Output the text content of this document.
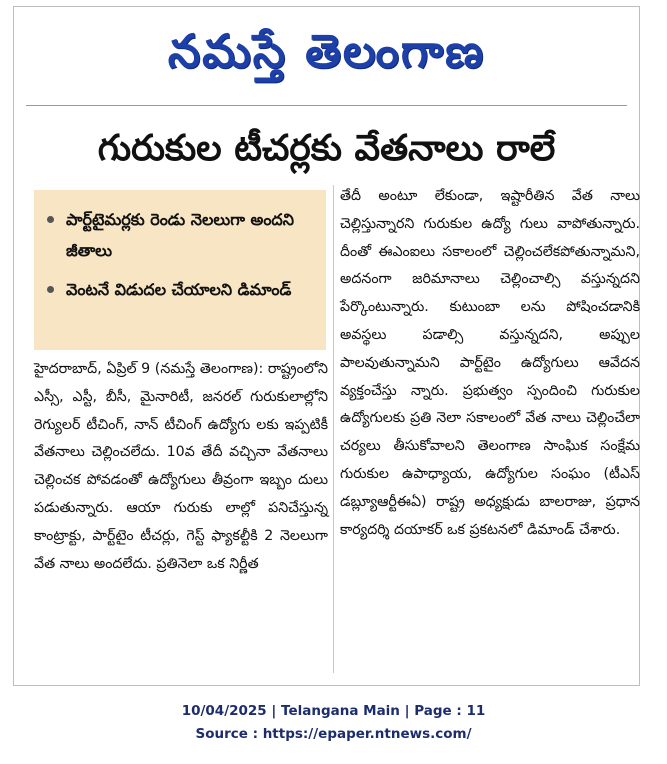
నమస్తే తెలంగాణ
గురుకుల టీచర్లకు వేతనాలు రాలే
పార్ట్‌టైమర్లకు రెండు నెలలుగా అందని జీతాలు
వెంటనే విడుదల చేయాలని డిమాండ్
హైదరాబాద్, ఏప్రిల్ 9 (నమస్తే తెలంగాణ): రాష్ట్రంలోని ఎస్సీ, ఎస్టీ, బీసీ, మైనారిటీ, జనరల్ గురుకులాల్లోని రెగ్యులర్ టీచింగ్, నాన్ టీచింగ్ ఉద్యోగు లకు ఇప్పటికీ వేతనాలు చెల్లించలేదు. 10వ తేదీ వచ్చినా వేతనాలు చెల్లించక పోవడంతో ఉద్యోగులు తీవ్రంగా ఇబ్బం దులు పడుతున్నారు. ఆయా గురుకు లాల్లో పనిచేస్తున్న కాంట్రాక్టు, పార్ట్‌టైం టీచర్లు, గెస్ట్ ఫ్యాకల్టీకి 2 నెలలుగా వేత నాలు అందలేదు. ప్రతినెలా ఒక నిర్ణీత
తేదీ అంటూ లేకుండా, ఇష్టారీతిన వేత నాలు చెల్లిస్తున్నారని గురుకుల ఉద్యో గులు వాపోతున్నారు. దీంతో ఈఎంఐలు సకాలంలో చెల్లించలేకపోతున్నామని, అదనంగా జరిమానాలు చెల్లించాల్సి వస్తున్నదని పేర్కొంటున్నారు. కుటుంబా లను పోషించడానికి అవస్థలు పడాల్సి వస్తున్నదని, అప్పుల పాలవుతున్నామని పార్ట్‌టైం ఉద్యోగులు ఆవేదన వ్యక్తంచేస్తు న్నారు. ప్రభుత్వం స్పందించి గురుకుల ఉద్యోగులకు ప్రతి నెలా సకాలంలో వేత నాలు చెల్లించేలా చర్యలు తీసుకోవాలని తెలంగాణ సాంఘిక సంక్షేమ గురుకుల ఉపాధ్యాయ, ఉద్యోగుల సంఘం (టీఎస్ డబ్ల్యూఆర్టీఈఏ) రాష్ట్ర అధ్యక్షుడు బాలరాజు, ప్రధాన కార్యదర్శి దయాకర్ ఒక ప్రకటనలో డిమాండ్ చేశారు.
10/04/2025 | Telangana Main | Page : 11
Source : https://epaper.ntnews.com/
